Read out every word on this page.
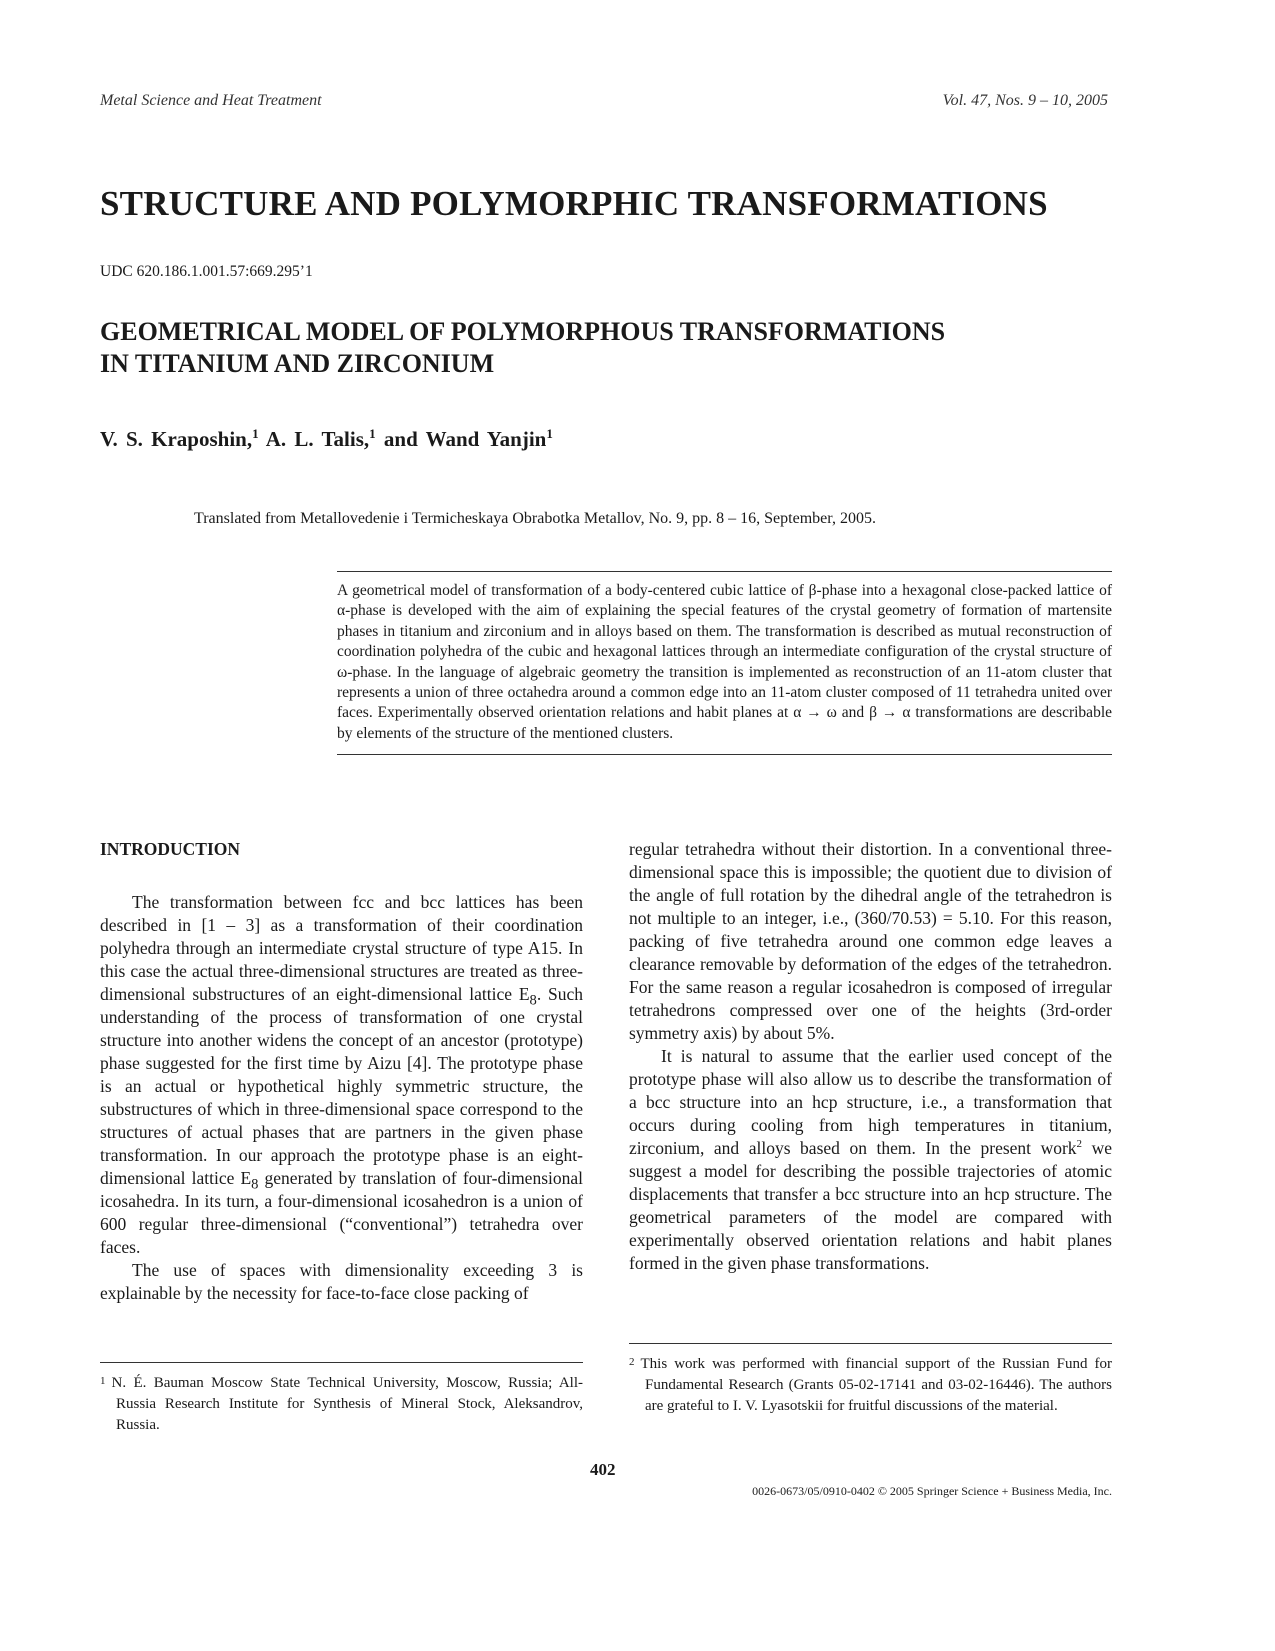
Metal Science and Heat Treatment	Vol. 47, Nos. 9 – 10, 2005
STRUCTURE AND POLYMORPHIC TRANSFORMATIONS
UDC 620.186.1.001.57:669.295’1
GEOMETRICAL MODEL OF POLYMORPHOUS TRANSFORMATIONS
IN TITANIUM AND ZIRCONIUM
V. S. Kraposhin,$^1$ A. L. Talis,$^1$ and Wand Yanjin$^1$
Translated from Metallovedenie i Termicheskaya Obrabotka Metallov, No. 9, pp. 8 – 16, September, 2005.
A geometrical model of transformation of a body-centered cubic lattice of β-phase into a hexagonal close-packed lattice of α-phase is developed with the aim of explaining the special features of the crystal geometry of formation of martensite phases in titanium and zirconium and in alloys based on them. The transformation is described as mutual reconstruction of coordination polyhedra of the cubic and hexagonal lattices through an intermediate configuration of the crystal structure of ω-phase. In the language of algebraic geometry the transition is implemented as reconstruction of an 11-atom cluster that represents a union of three octahedra around a common edge into an 11-atom cluster composed of 11 tetrahedra united over faces. Experimentally observed orientation relations and habit planes at α → ω and β → α transformations are describable by elements of the structure of the mentioned clusters.
INTRODUCTION

The transformation between fcc and bcc lattices has been described in [1 – 3] as a transformation of their coordination polyhedra through an intermediate crystal structure of type A15. In this case the actual three-dimensional structures are treated as three-dimensional substructures of an eight-dimensional lattice $E_8$. Such understanding of the process of transformation of one crystal structure into another widens the concept of an ancestor (prototype) phase suggested for the first time by Aizu [4]. The prototype phase is an actual or hypothetical highly symmetric structure, the substructures of which in three-dimensional space correspond to the structures of actual phases that are partners in the given phase transformation. In our approach the prototype phase is an eight-dimensional lattice $E_8$ generated by translation of four-dimensional icosahedra. In its turn, a four-dimensional icosahedron is a union of 600 regular three-dimensional (“conventional”) tetrahedra over faces.

The use of spaces with dimensionality exceeding 3 is explainable by the necessity for face-to-face close packing of

regular tetrahedra without their distortion. In a conventional three-dimensional space this is impossible; the quotient due to division of the angle of full rotation by the dihedral angle of the tetrahedron is not multiple to an integer, i.e., (360/70.53) = 5.10. For this reason, packing of five tetrahedra around one common edge leaves a clearance removable by deformation of the edges of the tetrahedron. For the same reason a regular icosahedron is composed of irregular tetrahedrons compressed over one of the heights (3rd-order symmetry axis) by about 5%.

It is natural to assume that the earlier used concept of the prototype phase will also allow us to describe the transformation of a bcc structure into an hcp structure, i.e., a transformation that occurs during cooling from high temperatures in titanium, zirconium, and alloys based on them. In the present work$^2$ we suggest a model for describing the possible trajectories of atomic displacements that transfer a bcc structure into an hcp structure. The geometrical parameters of the model are compared with experimentally observed orientation relations and habit planes formed in the given phase transformations.

$^1$ N. É. Bauman Moscow State Technical University, Moscow, Russia; All-Russia Research Institute for Synthesis of Mineral Stock, Aleksandrov, Russia.
$^2$ This work was performed with financial support of the Russian Fund for Fundamental Research (Grants 05-02-17141 and 03-02-16446). The authors are grateful to I. V. Lyasotskii for fruitful discussions of the material.
402
0026-0673/05/0910-0402 © 2005 Springer Science + Business Media, Inc.
